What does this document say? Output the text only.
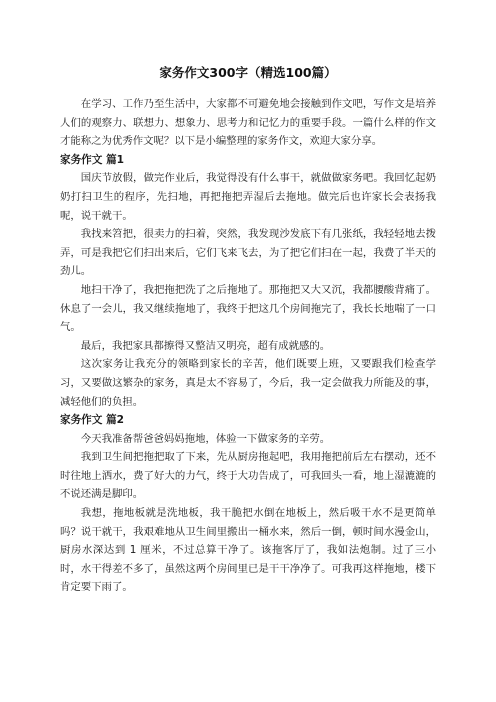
家务作文300字（精选100篇）

在学习、工作乃至生活中，大家都不可避免地会接触到作文吧，写作文是培养人们的观察力、联想力、想象力、思考力和记忆力的重要手段。一篇什么样的作文才能称之为优秀作文呢？以下是小编整理的家务作文，欢迎大家分享。

家务作文 篇1

国庆节放假，做完作业后，我觉得没有什么事干，就做做家务吧。我回忆起奶奶打扫卫生的程序，先扫地，再把拖把弄湿后去拖地。做完后也许家长会表扬我呢，说干就干。

我找来笤把，很卖力的扫着，突然，我发现沙发底下有几张纸，我轻轻地去拨弄，可是我把它们扫出来后，它们飞来飞去，为了把它们扫在一起，我费了半天的劲儿。

地扫干净了，我把拖把洗了之后拖地了。那拖把又大又沉，我都腰酸背痛了。休息了一会儿，我又继续拖地了，我终于把这几个房间拖完了，我长长地喘了一口气。

最后，我把家具都擦得又整洁又明亮，超有成就感的。

这次家务让我充分的领略到家长的辛苦，他们既要上班，又要跟我们检查学习，又要做这繁杂的家务，真是太不容易了，今后，我一定会做我力所能及的事，减轻他们的负担。

家务作文 篇2

今天我准备帮爸爸妈妈拖地，体验一下做家务的辛劳。

我到卫生间把拖把取了下来，先从厨房拖起吧，我用拖把前后左右摆动，还不时往地上洒水，费了好大的力气，终于大功告成了，可我回头一看，地上湿漉漉的不说还满是脚印。

我想，拖地板就是洗地板，我干脆把水倒在地板上，然后吸干水不是更简单吗？说干就干，我艰难地从卫生间里搬出一桶水来，然后一倒，顿时间水漫金山，厨房水深达到 1 厘米，不过总算干净了。该拖客厅了，我如法炮制。过了三小时，水干得差不多了，虽然这两个房间里已是干干净净了。可我再这样拖地，楼下肯定要下雨了。
